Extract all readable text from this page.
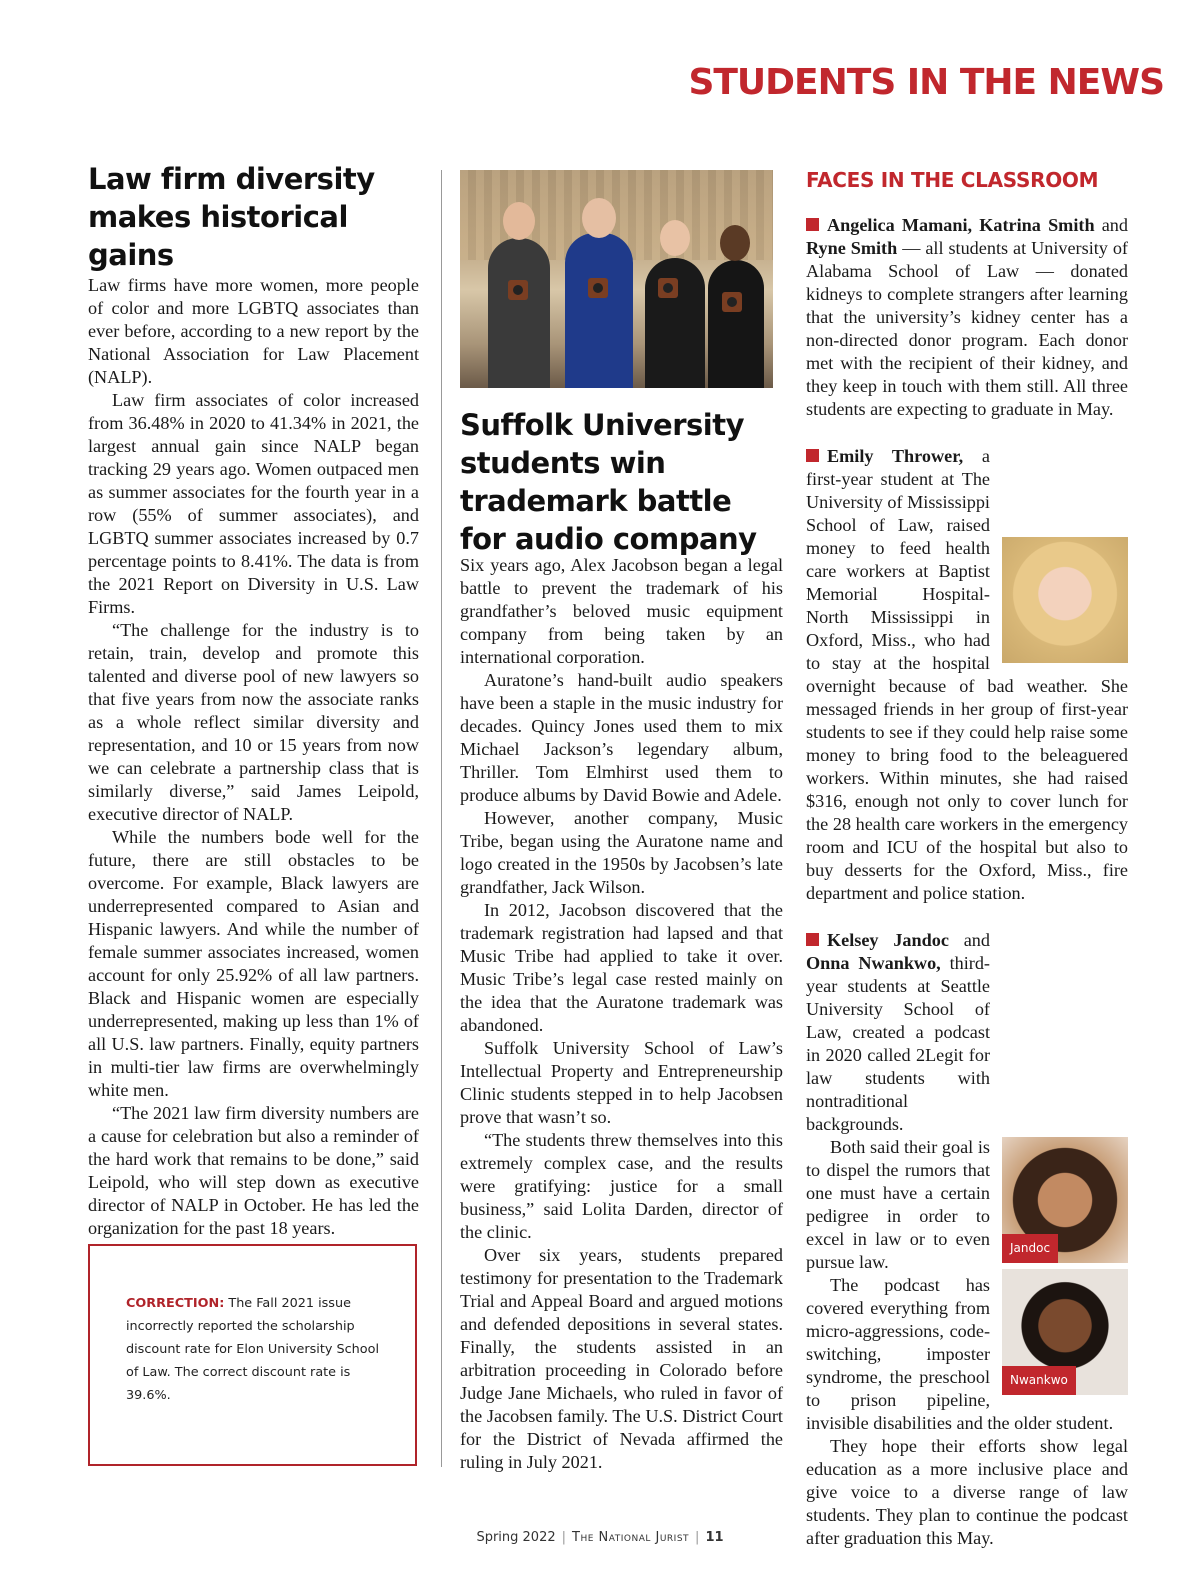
STUDENTS IN THE NEWS
Law firm diversity makes historical gains

Law firms have more women, more people of color and more LGBTQ associates than ever before, according to a new report by the National Association for Law Placement (NALP).

Law firm associates of color increased from 36.48% in 2020 to 41.34% in 2021, the largest annual gain since NALP began tracking 29 years ago. Women outpaced men as summer associates for the fourth year in a row (55% of summer associates), and LGBTQ summer associates increased by 0.7 percentage points to 8.41%. The data is from the 2021 Report on Diversity in U.S. Law Firms.

“The challenge for the industry is to retain, train, develop and promote this talented and diverse pool of new lawyers so that five years from now the associate ranks as a whole reflect similar diversity and representation, and 10 or 15 years from now we can celebrate a partnership class that is similarly diverse,” said James Leipold, executive director of NALP.

While the numbers bode well for the future, there are still obstacles to be overcome. For example, Black lawyers are underrepresented compared to Asian and Hispanic lawyers. And while the number of female summer associates increased, women account for only 25.92% of all law partners. Black and Hispanic women are especially underrepresented, making up less than 1% of all U.S. law partners. Finally, equity partners in multi-tier law firms are overwhelmingly white men.

“The 2021 law firm diversity numbers are a cause for celebration but also a reminder of the hard work that remains to be done,” said Leipold, who will step down as executive director of NALP in October. He has led the organization for the past 18 years.

CORRECTION: The Fall 2021 issue incorrectly reported the scholarship discount rate for Elon University School of Law. The correct discount rate is 39.6%.
Suffolk University students win trademark battle for audio company

Six years ago, Alex Jacobson began a legal battle to prevent the trademark of his grandfather’s beloved music equipment company from being taken by an international corporation.

Auratone’s hand-built audio speakers have been a staple in the music industry for decades. Quincy Jones used them to mix Michael Jackson’s legendary album, Thriller. Tom Elmhirst used them to produce albums by David Bowie and Adele.

However, another company, Music Tribe, began using the Auratone name and logo created in the 1950s by Jacobsen’s late grandfather, Jack Wilson.

In 2012, Jacobson discovered that the trademark registration had lapsed and that Music Tribe had applied to take it over. Music Tribe’s legal case rested mainly on the idea that the Auratone trademark was abandoned.

Suffolk University School of Law’s Intellectual Property and Entrepreneurship Clinic students stepped in to help Jacobsen prove that wasn’t so.

“The students threw themselves into this extremely complex case, and the results were gratifying: justice for a small business,” said Lolita Darden, director of the clinic.

Over six years, students prepared testimony for presentation to the Trademark Trial and Appeal Board and argued motions and defended depositions in several states. Finally, the students assisted in an arbitration proceeding in Colorado before Judge Jane Michaels, who ruled in favor of the Jacobsen family. The U.S. District Court for the District of Nevada affirmed the ruling in July 2021.

FACES IN THE CLASSROOM
Angelica Mamani, Katrina Smith and Ryne Smith — all students at University of Alabama School of Law — donated kidneys to complete strangers after learning that the university’s kidney center has a non-directed donor program. Each donor met with the recipient of their kidney, and they keep in touch with them still. All three students are expecting to graduate in May.
Emily Thrower, a first-year student at The University of Mississippi School of Law, raised money to feed health care workers at Baptist Memorial Hospital-North Mississippi in Oxford, Miss., who had to stay at the hospital overnight because of bad weather. She messaged friends in her group of first-year students to see if they could help raise some money to bring food to the beleaguered workers. Within minutes, she had raised $316, enough not only to cover lunch for the 28 health care workers in the emergency room and ICU of the hospital but also to buy desserts for the Oxford, Miss., fire department and police station.
Jandoc
Nwankwo

Kelsey Jandoc and Onna Nwankwo, third-year students at Seattle University School of Law, created a podcast in 2020 called 2Legit for law students with nontraditional backgrounds.

Both said their goal is to dispel the rumors that one must have a certain pedigree in order to excel in law or to even pursue law.

The podcast has covered everything from micro-aggressions, code-switching, imposter syndrome, the preschool to prison pipeline, invisible disabilities and the older student.

They hope their efforts show legal education as a more inclusive place and give voice to a diverse range of law students. They plan to continue the podcast after graduation this May.

Spring 2022 | The National Jurist | 11
